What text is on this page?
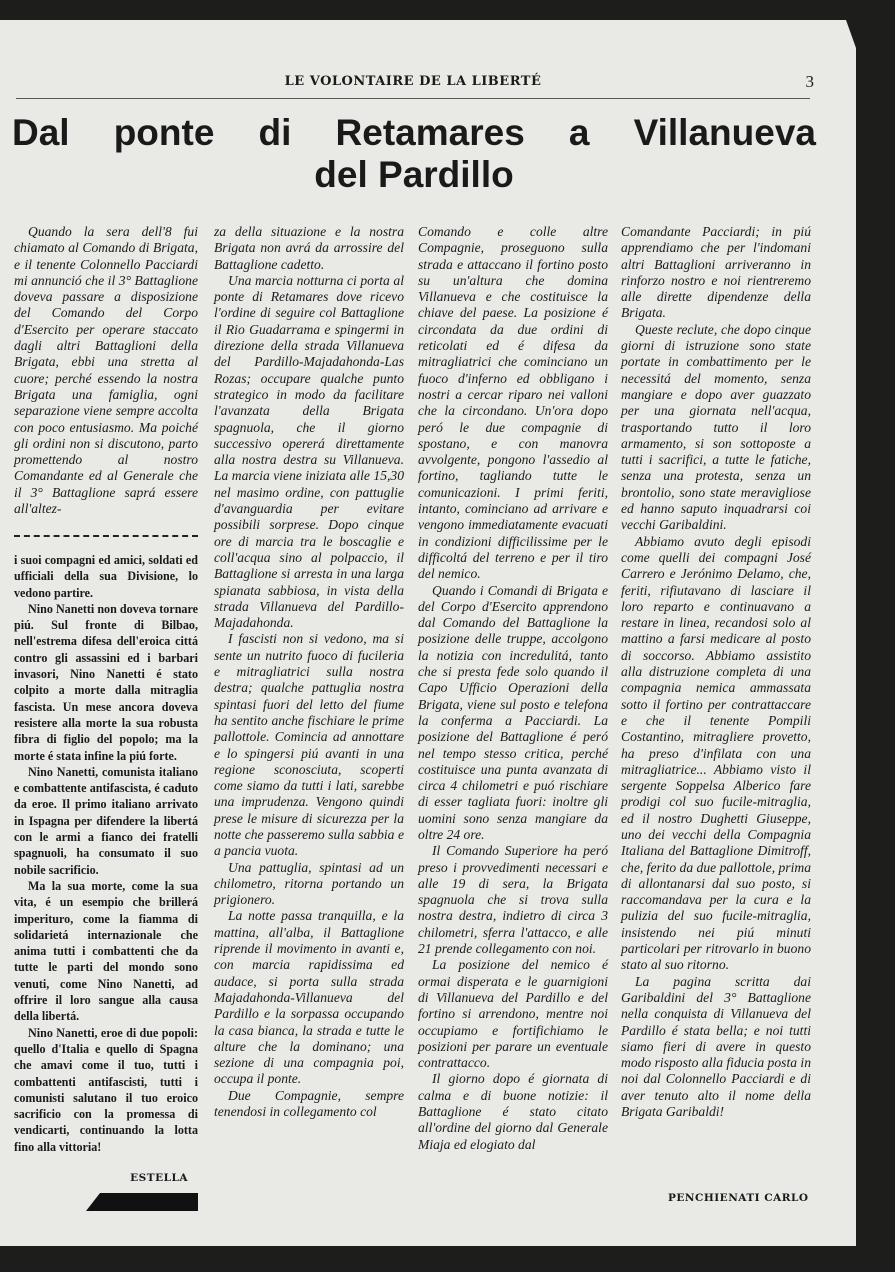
LE VOLONTAIRE DE LA LIBERTÉ	3
Dal ponte di Retamares a Villanueva
del Pardillo

Quando la sera dell'8 fui chiamato al Comando di Brigata, e il tenente Colonnello Pacciardi mi annunció che il 3° Battaglione doveva passare a disposizione del Comando del Corpo d'Esercito per operare staccato dagli altri Battaglioni della Brigata, ebbi una stretta al cuore; perché essendo la nostra Brigata una famiglia, ogni separazione viene sempre accolta con poco entusiasmo. Ma poiché gli ordini non si discutono, parto promettendo al nostro Comandante ed al Generale che il 3° Battaglione saprá essere all'altez-

i suoi compagni ed amici, soldati ed ufficiali della sua Divisione, lo vedono partire.

Nino Nanetti non doveva tornare piú. Sul fronte di Bilbao, nell'estrema difesa dell'eroica cittá contro gli assassini ed i barbari invasori, Nino Nanetti é stato colpito a morte dalla mitraglia fascista. Un mese ancora doveva resistere alla morte la sua robusta fibra di figlio del popolo; ma la morte é stata infine la piú forte.

Nino Nanetti, comunista italiano e combattente antifascista, é caduto da eroe. Il primo italiano arrivato in Ispagna per difendere la libertá con le armi a fianco dei fratelli spagnuoli, ha consumato il suo nobile sacrificio.

Ma la sua morte, come la sua vita, é un esempio che brillerá imperituro, come la fiamma di solidarietá internazionale che anima tutti i combattenti che da tutte le parti del mondo sono venuti, come Nino Nanetti, ad offrire il loro sangue alla causa della libertá.

Nino Nanetti, eroe di due popoli: quello d'Italia e quello di Spagna che amavi come il tuo, tutti i combattenti antifascisti, tutti i comunisti salutano il tuo eroico sacrificio con la promessa di vendicarti, continuando la lotta fino alla vittoria!

ESTELLA

za della situazione e la nostra Brigata non avrá da arrossire del Battaglione cadetto.

Una marcia notturna ci porta al ponte di Retamares dove ricevo l'ordine di seguire col Battaglione il Rio Guadarrama e spingermi in direzione della strada Villanueva del Pardillo-Majadahonda-Las Rozas; occupare qualche punto strategico in modo da facilitare l'avanzata della Brigata spagnuola, che il giorno successivo opererá direttamente alla nostra destra su Villanueva. La marcia viene iniziata alle 15,30 nel masimo ordine, con pattuglie d'avanguardia per evitare possibili sorprese. Dopo cinque ore di marcia tra le boscaglie e coll'acqua sino al polpaccio, il Battaglione si arresta in una larga spianata sabbiosa, in vista della strada Villanueva del Pardillo-Majadahonda.

I fascisti non si vedono, ma si sente un nutrito fuoco di fucileria e mitragliatrici sulla nostra destra; qualche pattuglia nostra spintasi fuori del letto del fiume ha sentito anche fischiare le prime pallottole. Comincia ad annottare e lo spingersi piú avanti in una regione sconosciuta, scoperti come siamo da tutti i lati, sarebbe una imprudenza. Vengono quindi prese le misure di sicurezza per la notte che passeremo sulla sabbia e a pancia vuota.

Una pattuglia, spintasi ad un chilometro, ritorna portando un prigionero.

La notte passa tranquilla, e la mattina, all'alba, il Battaglione riprende il movimento in avanti e, con marcia rapidissima ed audace, si porta sulla strada Majadahonda-Villanueva del Pardillo e la sorpassa occupando la casa bianca, la strada e tutte le alture che la dominano; una sezione di una compagnia poi, occupa il ponte.

Due Compagnie, sempre tenendosi in collegamento col

Comando e colle altre Compagnie, proseguono sulla strada e attaccano il fortino posto su un'altura che domina Villanueva e che costituisce la chiave del paese. La posizione é circondata da due ordini di reticolati ed é difesa da mitragliatrici che cominciano un fuoco d'inferno ed obbligano i nostri a cercar riparo nei valloni che la circondano. Un'ora dopo peró le due compagnie di spostano, e con manovra avvolgente, pongono l'assedio al fortino, tagliando tutte le comunicazioni. I primi feriti, intanto, cominciano ad arrivare e vengono immediatamente evacuati in condizioni difficilissime per le difficoltá del terreno e per il tiro del nemico.

Quando i Comandi di Brigata e del Corpo d'Esercito apprendono dal Comando del Battaglione la posizione delle truppe, accolgono la notizia con incredulitá, tanto che si presta fede solo quando il Capo Ufficio Operazioni della Brigata, viene sul posto e telefona la conferma a Pacciardi. La posizione del Battaglione é peró nel tempo stesso critica, perché costituisce una punta avanzata di circa 4 chilometri e puó rischiare di esser tagliata fuori: inoltre gli uomini sono senza mangiare da oltre 24 ore.

Il Comando Superiore ha peró preso i provvedimenti necessari e alle 19 di sera, la Brigata spagnuola che si trova sulla nostra destra, indietro di circa 3 chilometri, sferra l'attacco, e alle 21 prende collegamento con noi.

La posizione del nemico é ormai disperata e le guarnigioni di Villanueva del Pardillo e del fortino si arrendono, mentre noi occupiamo e fortifichiamo le posizioni per parare un eventuale contrattacco.

Il giorno dopo é giornata di calma e di buone notizie: il Battaglione é stato citato all'ordine del giorno dal Generale Miaja ed elogiato dal

Comandante Pacciardi; in piú apprendiamo che per l'indomani altri Battaglioni arriveranno in rinforzo nostro e noi rientreremo alle dirette dipendenze della Brigata.

Queste reclute, che dopo cinque giorni di istruzione sono state portate in combattimento per le necessitá del momento, senza mangiare e dopo aver guazzato per una giornata nell'acqua, trasportando tutto il loro armamento, si son sottoposte a tutti i sacrifici, a tutte le fatiche, senza una protesta, senza un brontolio, sono state meravigliose ed hanno saputo inquadrarsi coi vecchi Garibaldini.

Abbiamo avuto degli episodi come quelli dei compagni José Carrero e Jerónimo Delamo, che, feriti, rifiutavano di lasciare il loro reparto e continuavano a restare in linea, recandosi solo al mattino a farsi medicare al posto di soccorso. Abbiamo assistito alla distruzione completa di una compagnia nemica ammassata sotto il fortino per contrattaccare e che il tenente Pompili Costantino, mitragliere provetto, ha preso d'infilata con una mitragliatrice... Abbiamo visto il sergente Soppelsa Alberico fare prodigi col suo fucile-mitraglia, ed il nostro Dughetti Giuseppe, uno dei vecchi della Compagnia Italiana del Battaglione Dimitroff, che, ferito da due pallottole, prima di allontanarsi dal suo posto, si raccomandava per la cura e la pulizia del suo fucile-mitraglia, insistendo nei piú minuti particolari per ritrovarlo in buono stato al suo ritorno.

La pagina scritta dai Garibaldini del 3° Battaglione nella conquista di Villanueva del Pardillo é stata bella; e noi tutti siamo fieri di avere in questo modo risposto alla fiducia posta in noi dal Colonnello Pacciardi e di aver tenuto alto il nome della Brigata Garibaldi!

PENCHIENATI CARLO
